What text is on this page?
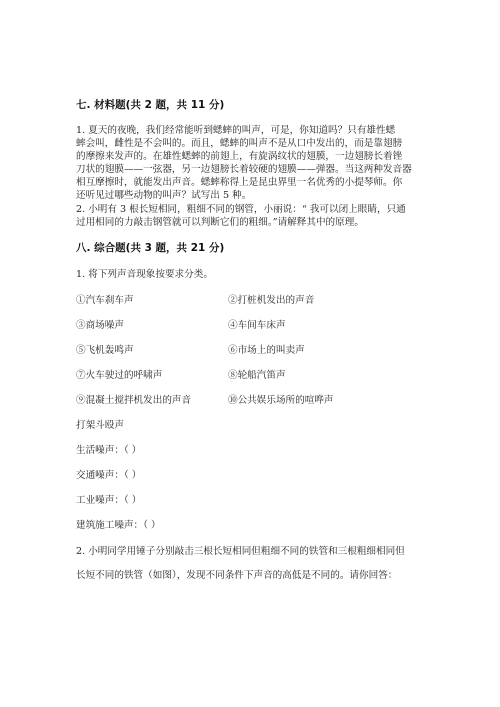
七. 材料题(共 2 题，共 11 分)
1. 夏天的夜晚，我们经常能听到蟋蟀的叫声，可是，你知道吗？只有雄性蟋
蟀会叫，雌性是不会叫的。而且，蟋蟀的叫声不是从口中发出的，而是靠翅膀
的摩擦来发声的。在雄性蟋蟀的前翅上，有旋涡纹状的翅膜，一边翅膀长着锉
刀状的翅膜——一弦器，另一边翅膀长着较硬的翅膜——弹器。当这两种发音器
相互摩擦时，就能发出声音。蟋蟀称得上是昆虫界里一名优秀的小提琴师。你
还听见过哪些动物的叫声？试写出 5 种。
2. 小明有 3 根长短相同，粗细不同的钢管，小丽说：“ 我可以闭上眼睛，只通
过用相同的力敲击钢管就可以判断它们的粗细。”请解释其中的原理。
八. 综合题(共 3 题，共 21 分)
1. 将下列声音现象按要求分类。
①汽车刹车声	②打桩机发出的声音
③商场噪声	④车间车床声
⑤飞机轰鸣声	⑥市场上的叫卖声
⑦火车驶过的呼啸声	⑧轮船汽笛声
⑨混凝土搅拌机发出的声音	⑩公共娱乐场所的喧哗声
打架斗殴声
生活噪声：（ ）
交通噪声：（ ）
工业噪声：（ ）
建筑施工噪声：（ ）
2. 小明同学用锤子分别敲击三根长短相同但粗细不同的铁管和三根粗细相同但
长短不同的铁管（如图），发现不同条件下声音的高低是不同的。请你回答：
